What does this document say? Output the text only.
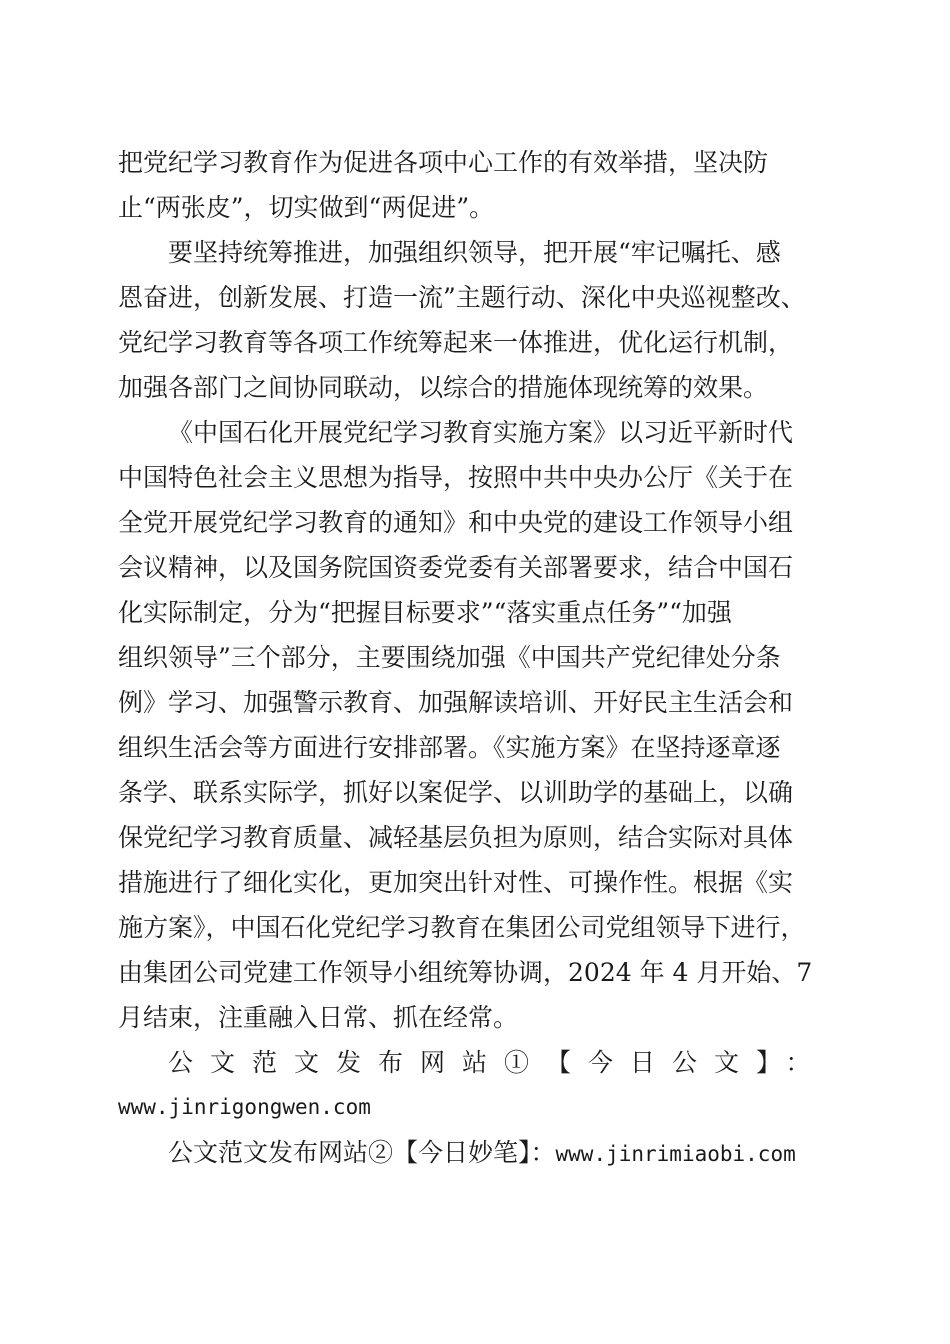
把党纪学习教育作为促进各项中心工作的有效举措，坚决防
止“两张皮”，切实做到“两促进”。
要坚持统筹推进，加强组织领导，把开展“牢记嘱托、感
恩奋进，创新发展、打造一流”主题行动、深化中央巡视整改、
党纪学习教育等各项工作统筹起来一体推进，优化运行机制，
加强各部门之间协同联动，以综合的措施体现统筹的效果。
《中国石化开展党纪学习教育实施方案》以习近平新时代
中国特色社会主义思想为指导，按照中共中央办公厅《关于在
全党开展党纪学习教育的通知》和中央党的建设工作领导小组
会议精神，以及国务院国资委党委有关部署要求，结合中国石
化实际制定，分为“把握目标要求”“落实重点任务”“加强
组织领导”三个部分，主要围绕加强《中国共产党纪律处分条
例》学习、加强警示教育、加强解读培训、开好民主生活会和
组织生活会等方面进行安排部署。《实施方案》在坚持逐章逐
条学、联系实际学，抓好以案促学、以训助学的基础上，以确
保党纪学习教育质量、减轻基层负担为原则，结合实际对具体
措施进行了细化实化，更加突出针对性、可操作性。根据《实
施方案》，中国石化党纪学习教育在集团公司党组领导下进行，
由集团公司党建工作领导小组统筹协调，2024 年 4 月开始、7
月结束，注重融入日常、抓在经常。
公文范文发布网站①【今日公文】：
www.jinrigongwen.com
公文范文发布网站②【今日妙笔】：www.jinrimiaobi.com
